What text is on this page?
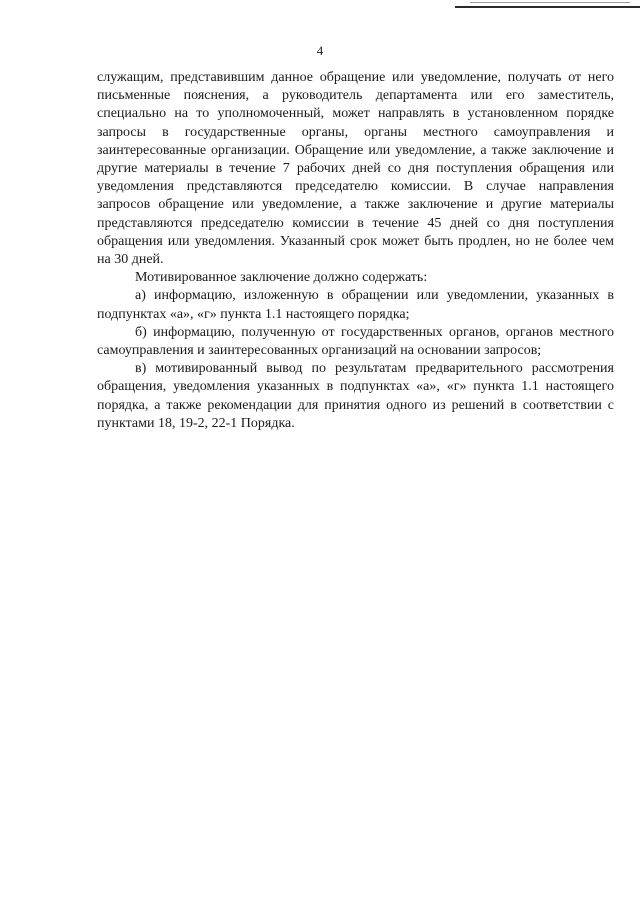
4

служащим, представившим данное обращение или уведомление, получать от него письменные пояснения, а руководитель департамента или его заместитель, специально на то уполномоченный, может направлять в установленном порядке запросы в государственные органы, органы местного самоуправления и заинтересованные организации. Обращение или уведомление, а также заключение и другие материалы в течение 7 рабочих дней со дня поступления обращения или уведомления представляются председателю комиссии. В случае направления запросов обращение или уведомление, а также заключение и другие материалы представляются председателю комиссии в течение 45 дней со дня поступления обращения или уведомления. Указанный срок может быть продлен, но не более чем на 30 дней.

Мотивированное заключение должно содержать:

а) информацию, изложенную в обращении или уведомлении, указанных в подпунктах «а», «г» пункта 1.1 настоящего порядка;

б) информацию, полученную от государственных органов, органов местного самоуправления и заинтересованных организаций на основании запросов;

в) мотивированный вывод по результатам предварительного рассмотрения обращения, уведомления указанных в подпунктах «а», «г» пункта 1.1 настоящего порядка, а также рекомендации для принятия одного из решений в соответствии с пунктами 18, 19-2, 22-1 Порядка.
